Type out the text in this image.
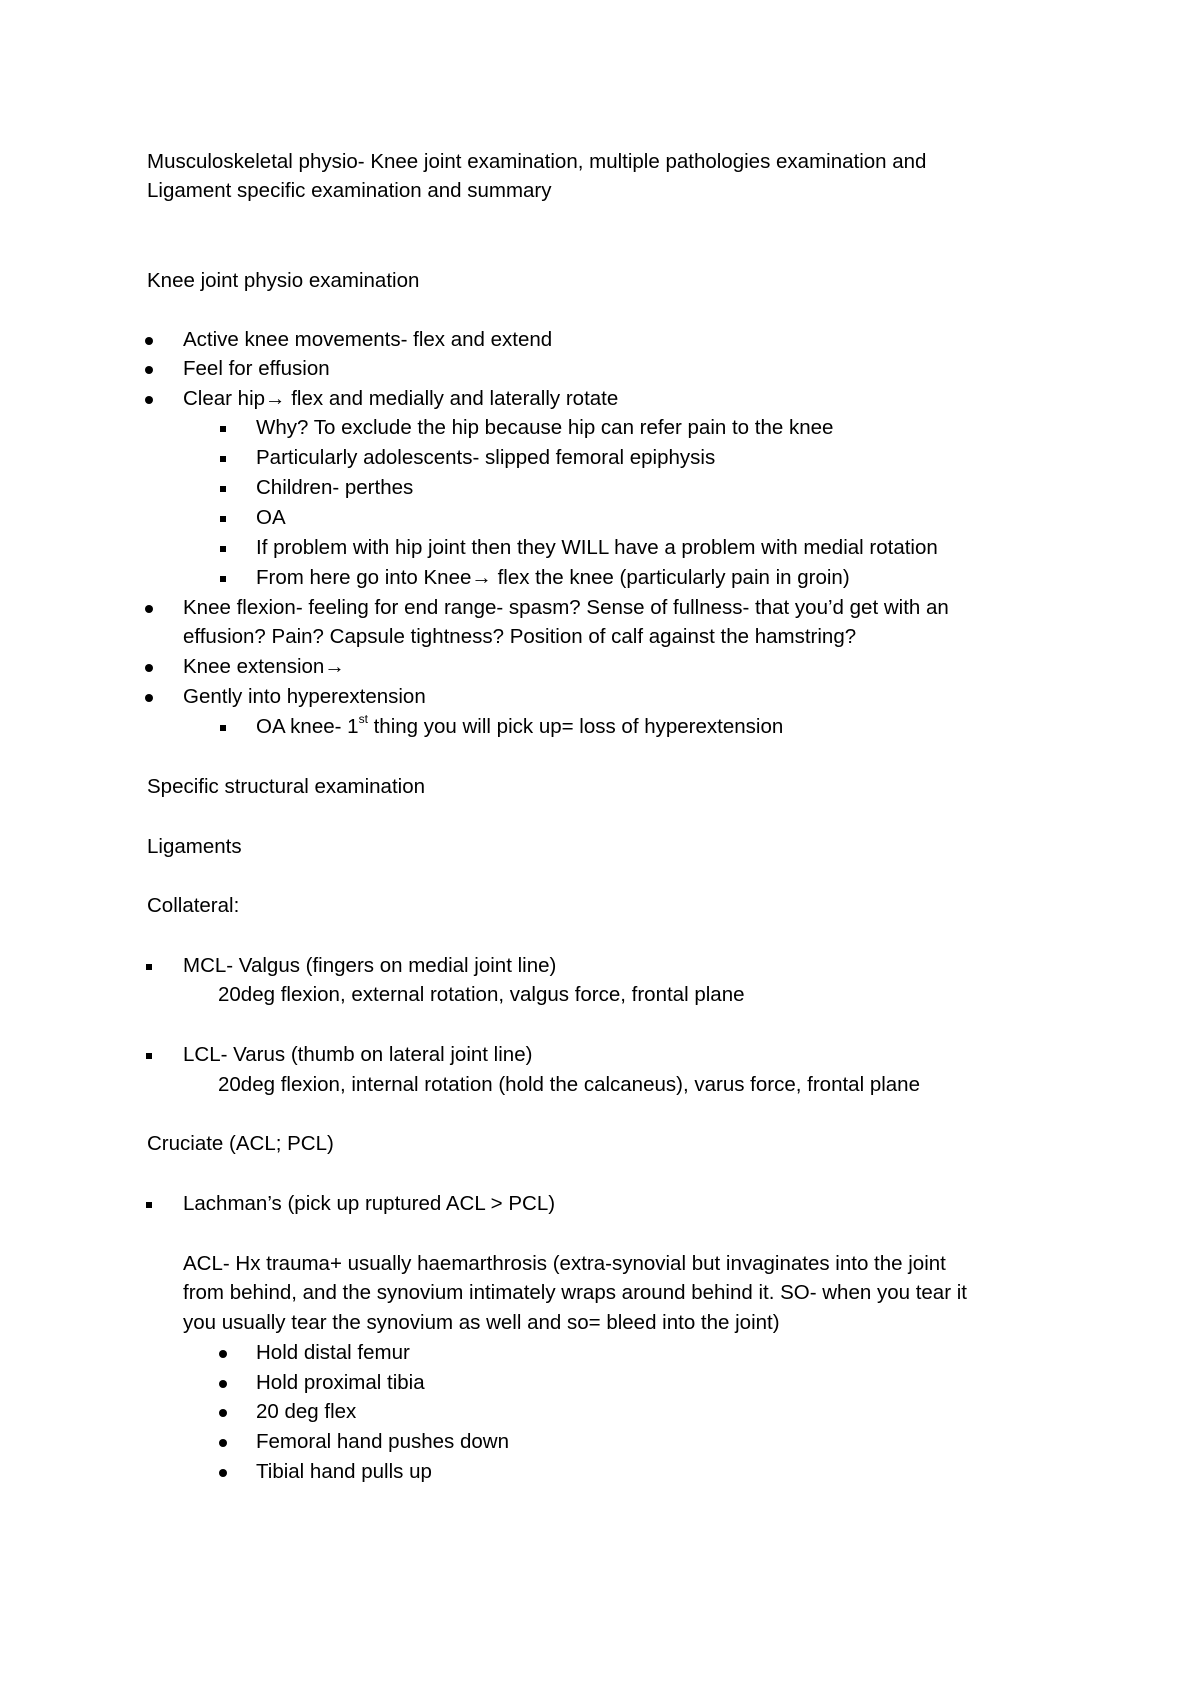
Musculoskeletal physio- Knee joint examination, multiple pathologies examination and
Ligament specific examination and summary
Knee joint physio examination
Active knee movements- flex and extend
Feel for effusion
Clear hip→ flex and medially and laterally rotate
Why? To exclude the hip because hip can refer pain to the knee
Particularly adolescents- slipped femoral epiphysis
Children- perthes
OA
If problem with hip joint then they WILL have a problem with medial rotation
From here go into Knee→ flex the knee (particularly pain in groin)
Knee flexion- feeling for end range- spasm? Sense of fullness- that you’d get with an
effusion? Pain? Capsule tightness? Position of calf against the hamstring?
Knee extension→
Gently into hyperextension
OA knee- 1st thing you will pick up= loss of hyperextension
Specific structural examination
Ligaments
Collateral:
MCL- Valgus (fingers on medial joint line)
20deg flexion, external rotation, valgus force, frontal plane
LCL- Varus (thumb on lateral joint line)
20deg flexion, internal rotation (hold the calcaneus), varus force, frontal plane
Cruciate (ACL; PCL)
Lachman’s (pick up ruptured ACL > PCL)
ACL- Hx trauma+ usually haemarthrosis (extra-synovial but invaginates into the joint
from behind, and the synovium intimately wraps around behind it. SO- when you tear it
you usually tear the synovium as well and so= bleed into the joint)
Hold distal femur
Hold proximal tibia
20 deg flex
Femoral hand pushes down
Tibial hand pulls up
